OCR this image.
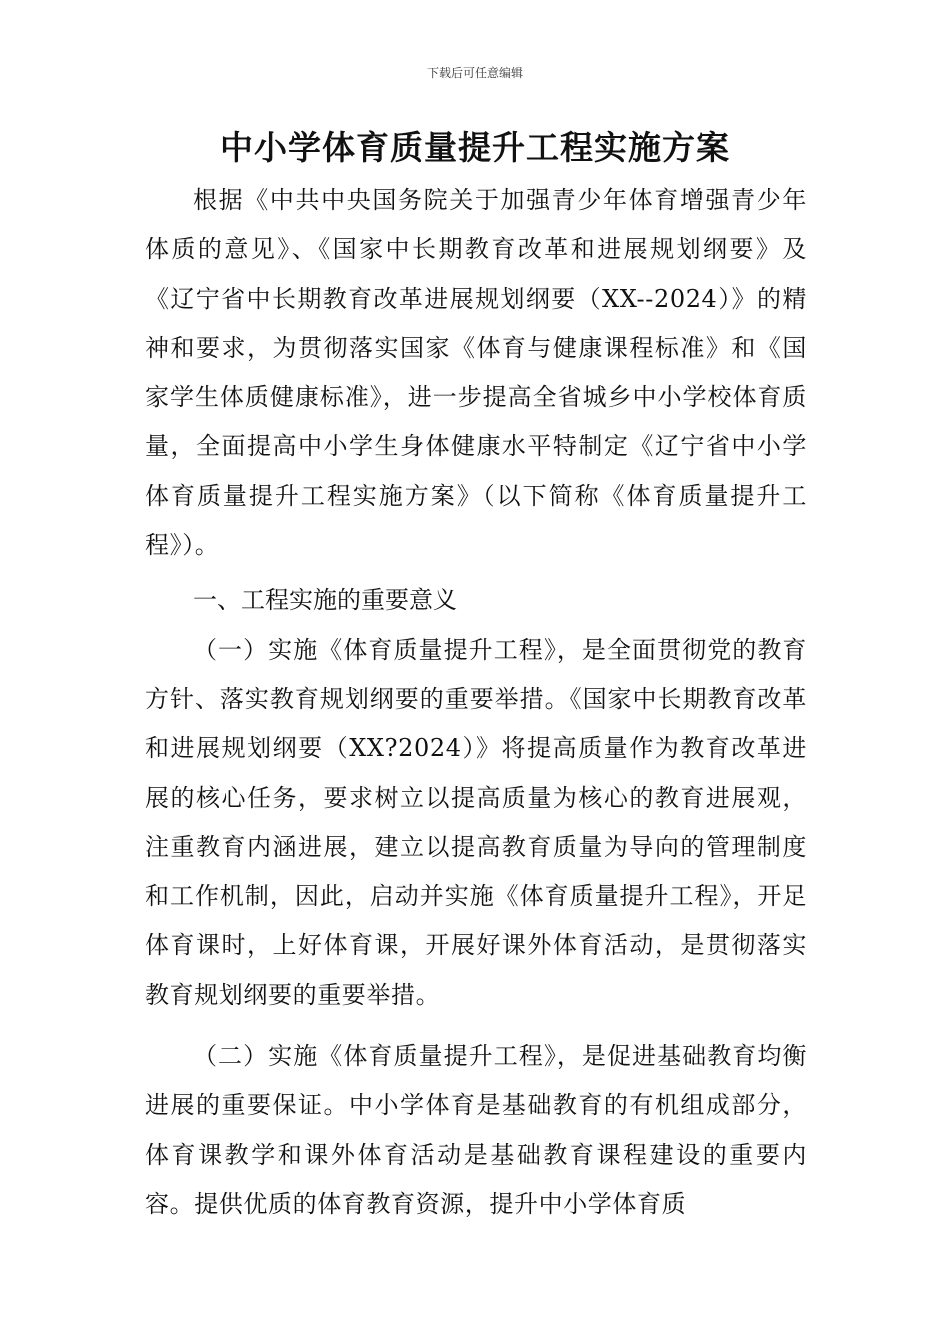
下载后可任意编辑
中小学体育质量提升工程实施方案

根据《中共中央国务院关于加强青少年体育增强青少年体质的意见》、《国家中长期教育改革和进展规划纲要》及《辽宁省中长期教育改革进展规划纲要（XX--2024）》的精神和要求，为贯彻落实国家《体育与健康课程标准》和《国家学生体质健康标准》，进一步提高全省城乡中小学校体育质量，全面提高中小学生身体健康水平特制定《辽宁省中小学体育质量提升工程实施方案》（以下简称《体育质量提升工程》）。

一、工程实施的重要意义

（一）实施《体育质量提升工程》，是全面贯彻党的教育方针、落实教育规划纲要的重要举措。《国家中长期教育改革和进展规划纲要（XX?2024）》将提高质量作为教育改革进展的核心任务，要求树立以提高质量为核心的教育进展观，注重教育内涵进展，建立以提高教育质量为导向的管理制度和工作机制，因此，启动并实施《体育质量提升工程》，开足体育课时，上好体育课，开展好课外体育活动，是贯彻落实教育规划纲要的重要举措。

（二）实施《体育质量提升工程》，是促进基础教育均衡进展的重要保证。中小学体育是基础教育的有机组成部分，体育课教学和课外体育活动是基础教育课程建设的重要内容。提供优质的体育教育资源，提升中小学体育质
